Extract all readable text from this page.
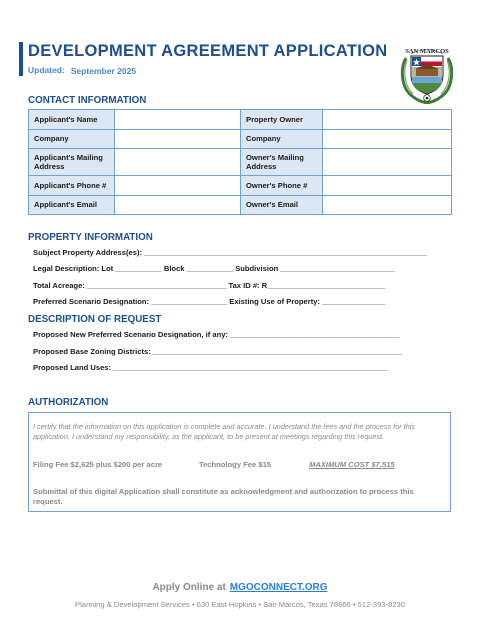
DEVELOPMENT AGREEMENT APPLICATION
Updated: September 2025
SAN MARCOS
CONTACT INFORMATION
Applicant's Name		Property Owner	
Company		Company	
Applicant's Mailing Address		Owner's Mailing Address	
Applicant's Phone #		Owner's Phone #	
Applicant's Email		Owner's Email	
PROPERTY INFORMATION
Subject Property Address(es): ___________________________________________________________________
Legal Description: Lot ___________ Block ___________ Subdivision ___________________________
Total Acreage: _________________________________ Tax ID #: R____________________________
Preferred Scenario Designation: __________________ Existing Use of Property: _______________
DESCRIPTION OF REQUEST
Proposed New Preferred Scenario Designation, if any: ________________________________________
Proposed Base Zoning Districts: ___________________________________________________________
Proposed Land Uses: _________________________________________________________________
AUTHORIZATION
I certify that the information on this application is complete and accurate. I understand the fees and the process for this application. I understand my responsibility, as the applicant, to be present at meetings regarding this request.
Filing Fee $2,625 plus $200 per acre	Technology Fee $15	MAXIMUM COST $7,515
Submittal of this digital Application shall constitute as acknowledgment and authorization to process this request.
Apply Online at MGOCONNECT.ORG
Planning & Development Services • 630 East Hopkins • San Marcos, Texas 78666 • 512-393-8230
